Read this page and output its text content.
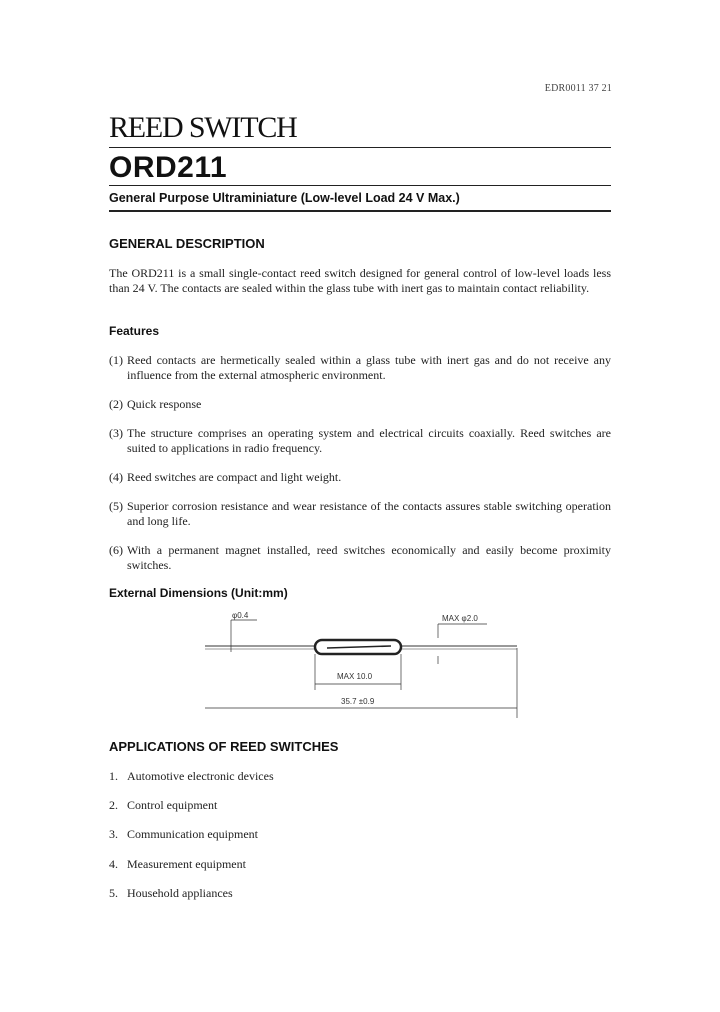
EDR0011 37 21
REED SWITCH
ORD211
General Purpose Ultraminiature (Low-level Load 24 V Max.)
GENERAL DESCRIPTION
The ORD211 is a small single-contact reed switch designed for general control of low-level loads less than 24 V. The contacts are sealed within the glass tube with inert gas to maintain contact reliability.
Features
(1) Reed contacts are hermetically sealed within a glass tube with inert gas and do not receive any influence from the external atmospheric environment.
(2) Quick response
(3) The structure comprises an operating system and electrical circuits coaxially. Reed switches are suited to applications in radio frequency.
(4) Reed switches are compact and light weight.
(5) Superior corrosion resistance and wear resistance of the contacts assures stable switching operation and long life.
(6) With a permanent magnet installed, reed switches economically and easily become proximity switches.
External Dimensions (Unit:mm)
φ0.4	MAX φ2.0
MAX 10.0
35.7 ±0.9
APPLICATIONS OF REED SWITCHES
1. Automotive electronic devices
2. Control equipment
3. Communication equipment
4. Measurement equipment
5. Household appliances
